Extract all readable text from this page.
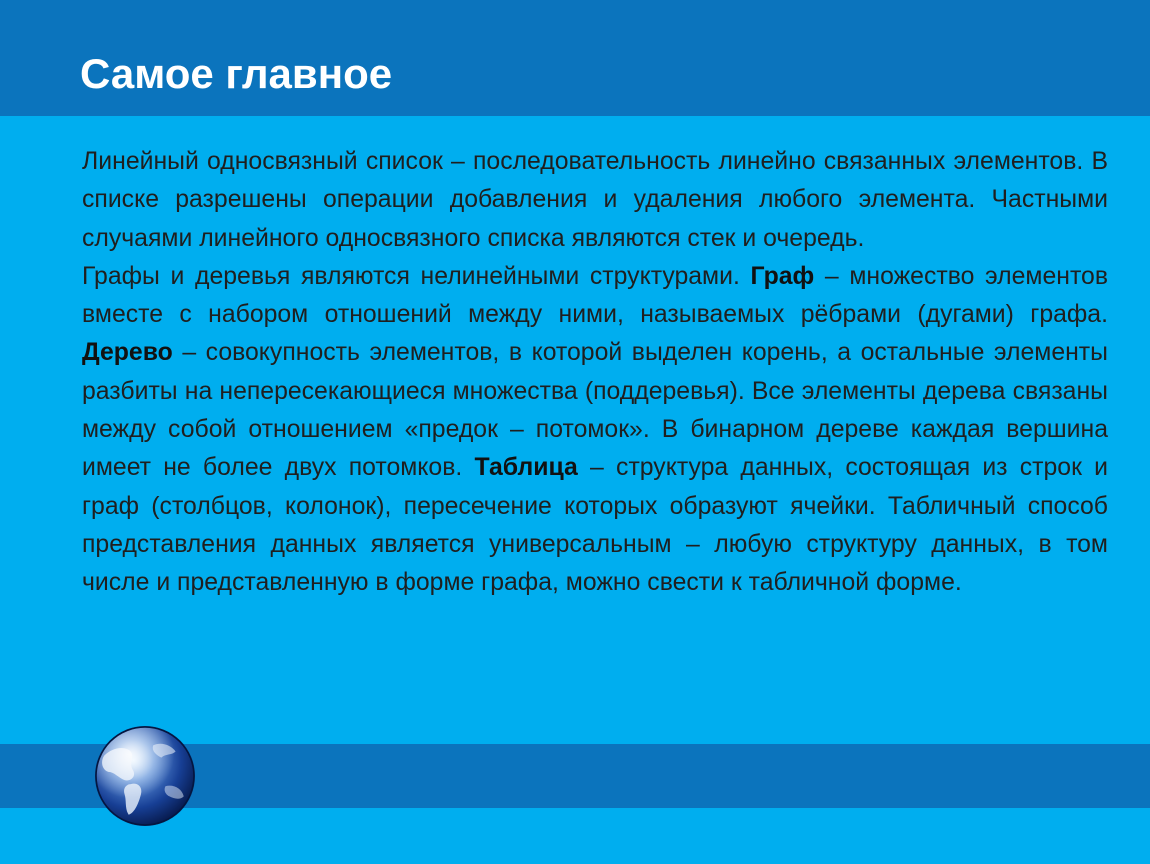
Самое главное

Линейный односвязный список – последовательность линейно связанных элементов. В списке разрешены операции добавления и удаления любого элемента. Частными случаями линейного односвязного списка являются стек и очередь.

Графы и деревья являются нелинейными структурами. Граф – множество элементов вместе с набором отношений между ними, называемых рёбрами (дугами) графа. Дерево – совокупность элементов, в которой выделен корень, а остальные элементы разбиты на непересекающиеся множества (поддеревья). Все элементы дерева связаны между собой отношением «предок – потомок». В бинарном дереве каждая вершина имеет не более двух потомков. Таблица – структура данных, состоящая из строк и граф (столбцов, колонок), пересечение которых образуют ячейки. Табличный способ представления данных является универсальным – любую структуру данных, в том числе и представленную в форме графа, можно свести к табличной форме.
